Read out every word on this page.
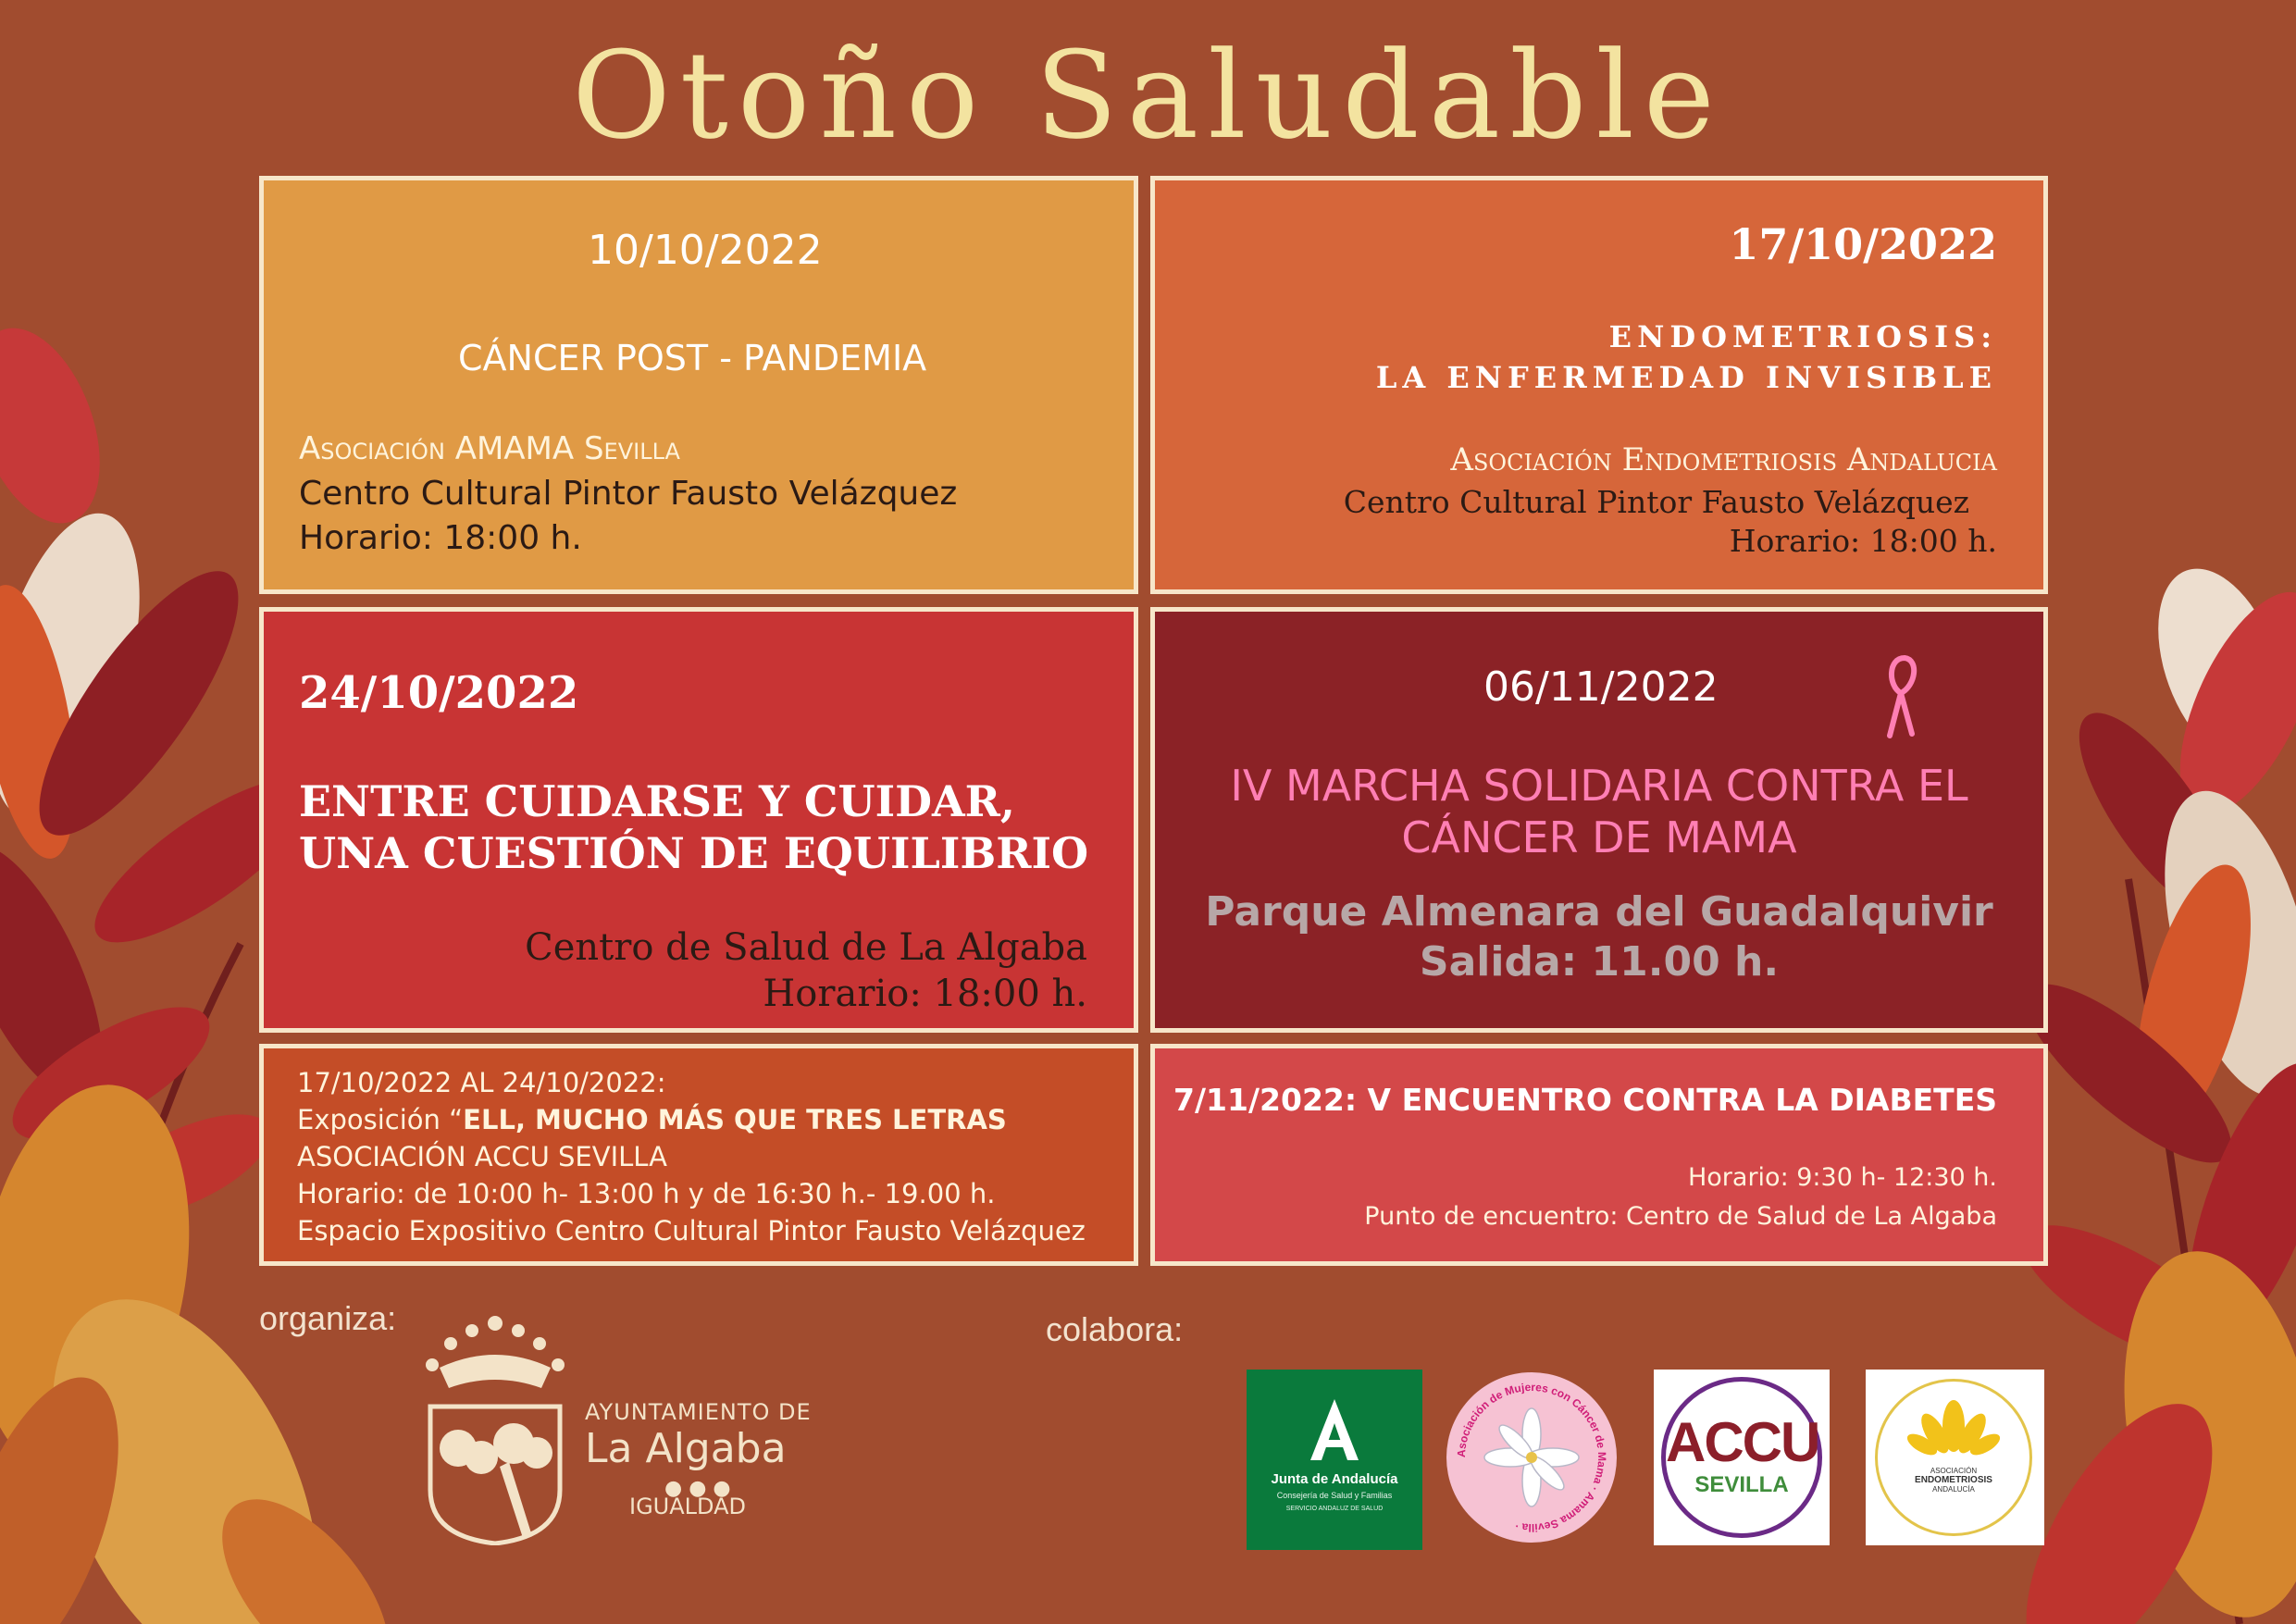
Otoño Saludable
10/10/2022
CÁNCER POST - PANDEMIA
Asociación AMAMA Sevilla
Centro Cultural Pintor Fausto Velázquez
Horario: 18:00 h.
17/10/2022
ENDOMETRIOSIS:
LA ENFERMEDAD INVISIBLE
Asociación Endometriosis Andalucia
Centro Cultural Pintor Fausto Velázquez
Horario: 18:00 h.
24/10/2022
ENTRE CUIDARSE Y CUIDAR,
UNA CUESTIÓN DE EQUILIBRIO
Centro de Salud de La Algaba
Horario: 18:00 h.
06/11/2022
IV MARCHA SOLIDARIA CONTRA EL
CÁNCER DE MAMA
Parque Almenara del Guadalquivir
Salida: 11.00 h.
17/10/2022 AL 24/10/2022:
Exposición “ELL, MUCHO MÁS QUE TRES LETRAS
ASOCIACIÓN ACCU SEVILLA
Horario: de 10:00 h- 13:00 h y de 16:30 h.- 19.00 h.
Espacio Expositivo Centro Cultural Pintor Fausto Velázquez
7/11/2022: V ENCUENTRO CONTRA LA DIABETES
Horario: 9:30 h- 12:30 h.
Punto de encuentro: Centro de Salud de La Algaba
organiza:	colabora:
AYUNTAMIENTO DE
La Algaba
● ● ●
IGUALDAD
Junta de Andalucía
Consejería de Salud y Familias
SERVICIO ANDALUZ DE SALUD
Asociación de Mujeres con Cáncer de Mama · Amama Sevilla ·
ACCU
SEVILLA
ASOCIACIÓN
ENDOMETRIOSIS
ANDALUCÍA
